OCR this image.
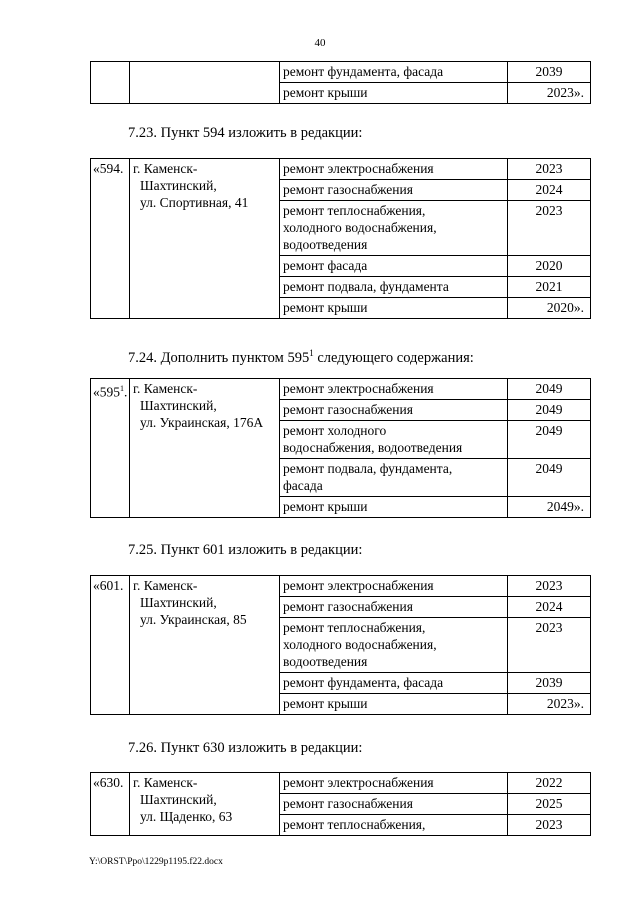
40
		ремонт фундамента, фасада	2039
		ремонт крыши	2023».
7.23. Пункт 594 изложить в редакции:
«594.	г. Каменск-
Шахтинский,
ул. Спортивная, 41	ремонт электроснабжения	2023

		ремонт газоснабжения	2024

		ремонт теплоснабжения,
холодного водоснабжения,
водоотведения	2023

		ремонт фасада	2020

		ремонт подвала, фундамента	2021

		ремонт крыши	2020».
7.24. Дополнить пунктом $595^1$ следующего содержания:
«$595^1$.	г. Каменск-
Шахтинский,
ул. Украинская, 176А	ремонт электроснабжения	2049

		ремонт газоснабжения	2049

		ремонт холодного
водоснабжения, водоотведения	2049

		ремонт подвала, фундамента,
фасада	2049

		ремонт крыши	2049».
7.25. Пункт 601 изложить в редакции:
«601.	г. Каменск-
Шахтинский,
ул. Украинская, 85	ремонт электроснабжения	2023

		ремонт газоснабжения	2024

		ремонт теплоснабжения,
холодного водоснабжения,
водоотведения	2023

		ремонт фундамента, фасада	2039

		ремонт крыши	2023».
7.26. Пункт 630 изложить в редакции:
«630.	г. Каменск-
Шахтинский,
ул. Щаденко, 63	ремонт электроснабжения	2022

		ремонт газоснабжения	2025

		ремонт теплоснабжения,	2023
Y:\ORST\Ppo\1229p1195.f22.docx
